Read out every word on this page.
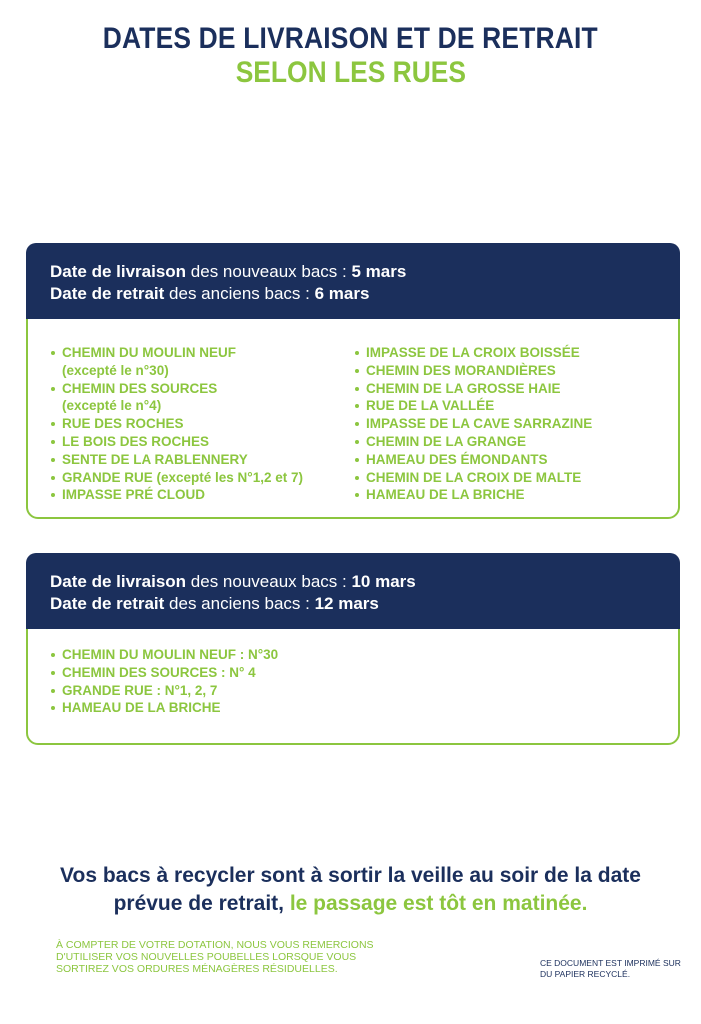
DATES DE LIVRAISON ET DE RETRAIT
SELON LES RUES
Date de livraison des nouveaux bacs : 5 mars
Date de retrait des anciens bacs : 6 mars
CHEMIN DU MOULIN NEUF
(excepté le n°30)
CHEMIN DES SOURCES
(excepté le n°4)
RUE DES ROCHES
LE BOIS DES ROCHES
SENTE DE LA RABLENNERY
GRANDE RUE (excepté les N°1,2 et 7)
IMPASSE PRÉ CLOUD
IMPASSE DE LA CROIX BOISSÉE
CHEMIN DES MORANDIÈRES
CHEMIN DE LA GROSSE HAIE
RUE DE LA VALLÉE
IMPASSE DE LA CAVE SARRAZINE
CHEMIN DE LA GRANGE
HAMEAU DES ÉMONDANTS
CHEMIN DE LA CROIX DE MALTE
HAMEAU DE LA BRICHE
Date de livraison des nouveaux bacs : 10 mars
Date de retrait des anciens bacs : 12 mars
CHEMIN DU MOULIN NEUF : N°30
CHEMIN DES SOURCES : N° 4
GRANDE RUE : N°1, 2, 7
HAMEAU DE LA BRICHE
Vos bacs à recycler sont à sortir la veille au soir de la date
prévue de retrait, le passage est tôt en matinée.
À COMPTER DE VOTRE DOTATION, NOUS VOUS REMERCIONS D'UTILISER VOS NOUVELLES POUBELLES LORSQUE VOUS SORTIREZ VOS ORDURES MÉNAGÈRES RÉSIDUELLES.	CE DOCUMENT EST IMPRIMÉ SUR DU PAPIER RECYCLÉ.
